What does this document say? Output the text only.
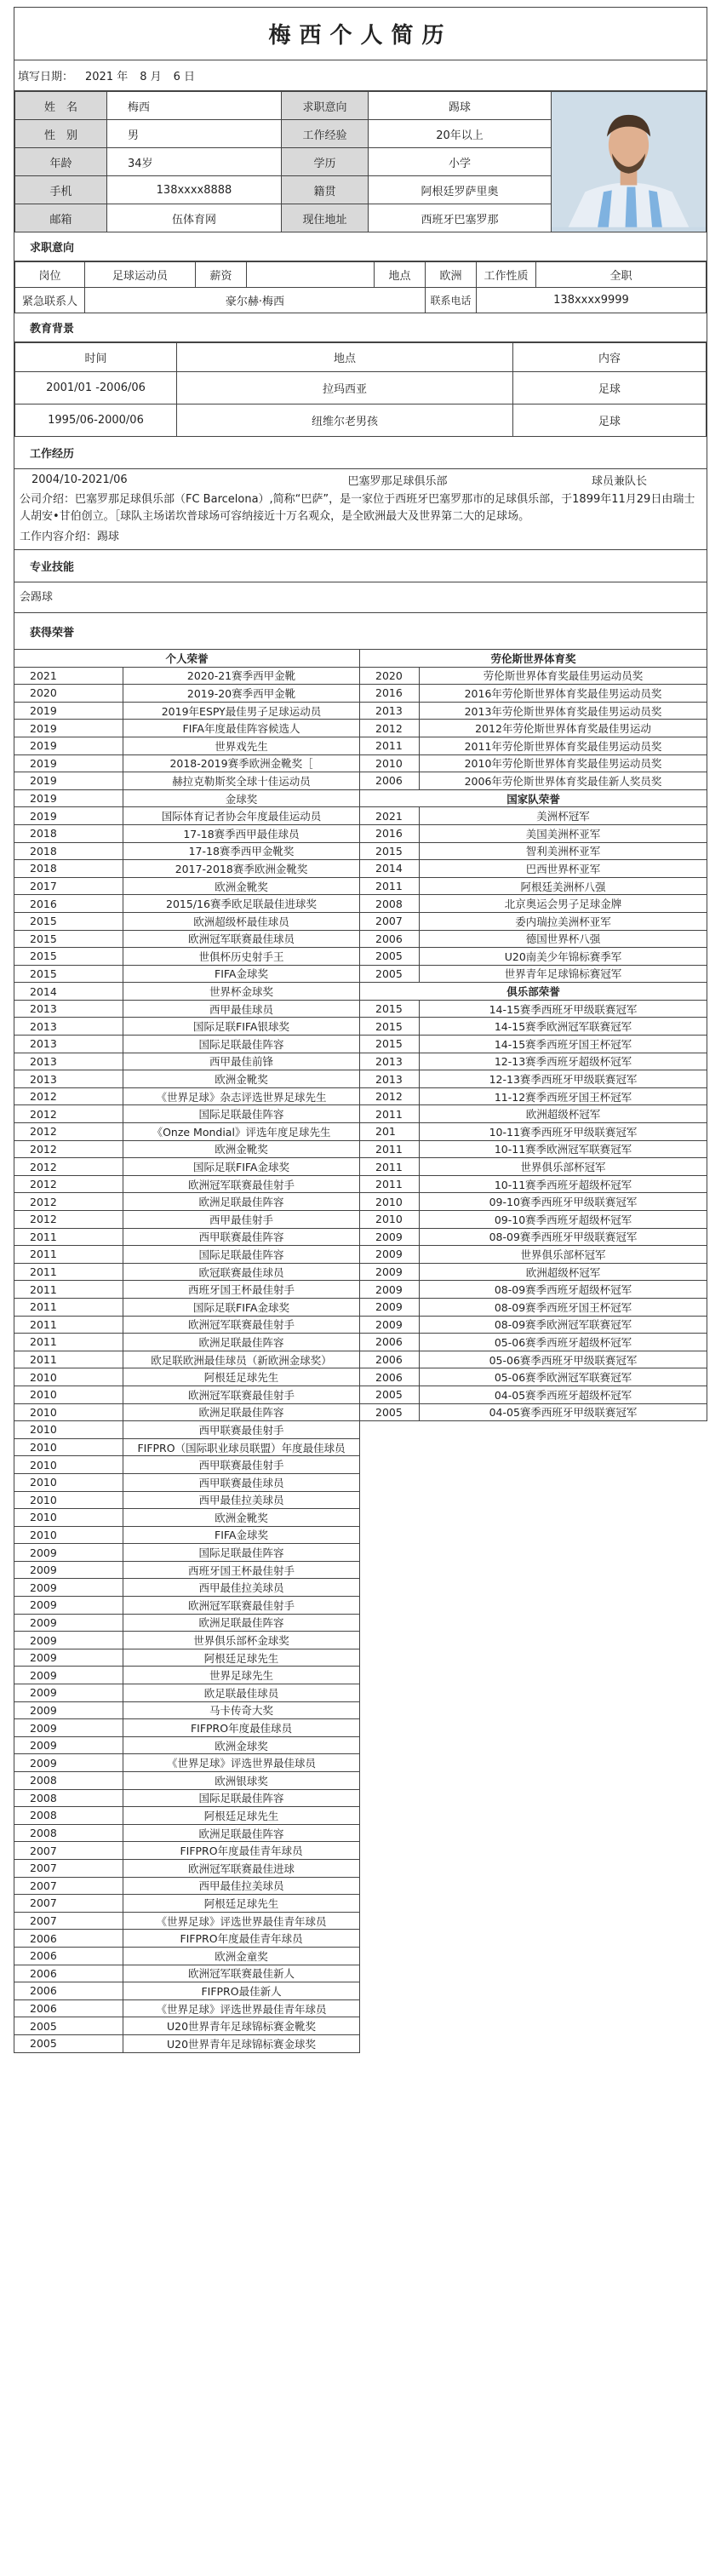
梅西个人简历
填写日期： 2021 年 8 月 6 日
姓　名	梅西	求职意向	踢球	
性　别	男	工作经验	20年以上	
年龄	34岁	学历	小学	
手机	138xxxx8888	籍贯	阿根廷罗萨里奥	
邮箱	伍体育网	现住地址	西班牙巴塞罗那	
求职意向
岗位	足球运动员	薪资		地点	欧洲	工作性质	全职
紧急联系人	豪尔赫·梅西				联系电话	138xxxx9999	
教育背景
时间	地点	内容
2001/01 -2006/06	拉玛西亚	足球
1995/06-2000/06	纽维尔老男孩	足球
工作经历
2004/10-2021/06	巴塞罗那足球俱乐部	球员兼队长
公司介绍：巴塞罗那足球俱乐部（FC Barcelona）,简称“巴萨”，是一家位于西班牙巴塞罗那市的足球俱乐部，于1899年11月29日由瑞士人胡安•甘伯创立。［球队主场诺坎普球场可容纳接近十万名观众，是全欧洲最大及世界第二大的足球场。
工作内容介绍：踢球
专业技能
会踢球
获得荣誉
个人荣誉		劳伦斯世界体育奖	
2021	2020-21赛季西甲金靴	2020	劳伦斯世界体育奖最佳男运动员奖
2020	2019-20赛季西甲金靴	2016	2016年劳伦斯世界体育奖最佳男运动员奖
2019	2019年ESPY最佳男子足球运动员	2013	2013年劳伦斯世界体育奖最佳男运动员奖
2019	FIFA年度最佳阵容候选人	2012	2012年劳伦斯世界体育奖最佳男运动
2019	世界戏先生	2011	2011年劳伦斯世界体育奖最佳男运动员奖
2019	2018-2019赛季欧洲金靴奖［	2010	2010年劳伦斯世界体育奖最佳男运动员奖
2019	赫拉克勒斯奖全球十佳运动员	2006	2006年劳伦斯世界体育奖最佳新人奖员奖
2019	金球奖	国家队荣誉	
2019	国际体育记者协会年度最佳运动员	2021	美洲杯冠军
2018	17-18赛季西甲最佳球员	2016	美国美洲杯亚军
2018	17-18赛季西甲金靴奖	2015	智利美洲杯亚军
2018	2017-2018赛季欧洲金靴奖	2014	巴西世界杯亚军
2017	欧洲金靴奖	2011	阿根廷美洲杯八强
2016	2015/16赛季欧足联最佳进球奖	2008	北京奥运会男子足球金牌
2015	欧洲超级杯最佳球员	2007	委内瑞拉美洲杯亚军
2015	欧洲冠军联赛最佳球员	2006	德国世界杯八强
2015	世俱杯历史射手王	2005	U20南美少年锦标赛季军
2015	FIFA金球奖	2005	世界青年足球锦标赛冠军
2014	世界杯金球奖	俱乐部荣誉	
2013	西甲最佳球员	2015	14-15赛季西班牙甲级联赛冠军
2013	国际足联FIFA银球奖	2015	14-15赛季欧洲冠军联赛冠军
2013	国际足联最佳阵容	2015	14-15赛季西班牙国王杯冠军
2013	西甲最佳前锋	2013	12-13赛季西班牙超级杯冠军
2013	欧洲金靴奖	2013	12-13赛季西班牙甲级联赛冠军
2012	《世界足球》杂志评选世界足球先生	2012	11-12赛季西班牙国王杯冠军
2012	国际足联最佳阵容	2011	欧洲超级杯冠军
2012	《Onze Mondial》评选年度足球先生	201	10-11赛季西班牙甲级联赛冠军
2012	欧洲金靴奖	2011	10-11赛季欧洲冠军联赛冠军
2012	国际足联FIFA金球奖	2011	世界俱乐部杯冠军
2012	欧洲冠军联赛最佳射手	2011	10-11赛季西班牙超级杯冠军
2012	欧洲足联最佳阵容	2010	09-10赛季西班牙甲级联赛冠军
2012	西甲最佳射手	2010	09-10赛季西班牙超级杯冠军
2011	西甲联赛最佳阵容	2009	08-09赛季西班牙甲级联赛冠军
2011	国际足联最佳阵容	2009	世界俱乐部杯冠军
2011	欧冠联赛最佳球员	2009	欧洲超级杯冠军
2011	西班牙国王杯最佳射手	2009	08-09赛季西班牙超级杯冠军
2011	国际足联FIFA金球奖	2009	08-09赛季西班牙国王杯冠军
2011	欧洲冠军联赛最佳射手	2009	08-09赛季欧洲冠军联赛冠军
2011	欧洲足联最佳阵容	2006	05-06赛季西班牙超级杯冠军
2011	欧足联欧洲最佳球员（新欧洲金球奖）	2006	05-06赛季西班牙甲级联赛冠军
2010	阿根廷足球先生	2006	05-06赛季欧洲冠军联赛冠军
2010	欧洲冠军联赛最佳射手	2005	04-05赛季西班牙超级杯冠军
2010	欧洲足联最佳阵容	2005	04-05赛季西班牙甲级联赛冠军
2010	西甲联赛最佳射手		
2010	FIFPRO（国际职业球员联盟）年度最佳球员		
2010	西甲联赛最佳射手		
2010	西甲联赛最佳球员		
2010	西甲最佳拉美球员		
2010	欧洲金靴奖		
2010	FIFA金球奖		
2009	国际足联最佳阵容		
2009	西班牙国王杯最佳射手		
2009	西甲最佳拉美球员		
2009	欧洲冠军联赛最佳射手		
2009	欧洲足联最佳阵容		
2009	世界俱乐部杯金球奖		
2009	阿根廷足球先生		
2009	世界足球先生		
2009	欧足联最佳球员		
2009	马卡传奇大奖		
2009	FIFPRO年度最佳球员		
2009	欧洲金球奖		
2009	《世界足球》评选世界最佳球员		
2008	欧洲银球奖		
2008	国际足联最佳阵容		
2008	阿根廷足球先生		
2008	欧洲足联最佳阵容		
2007	FIFPRO年度最佳青年球员		
2007	欧洲冠军联赛最佳进球		
2007	西甲最佳拉美球员		
2007	阿根廷足球先生		
2007	《世界足球》评选世界最佳青年球员		
2006	FIFPRO年度最佳青年球员		
2006	欧洲金童奖		
2006	欧洲冠军联赛最佳新人		
2006	FIFPRO最佳新人		
2006	《世界足球》评选世界最佳青年球员		
2005	U20世界青年足球锦标赛金靴奖		
2005	U20世界青年足球锦标赛金球奖		
